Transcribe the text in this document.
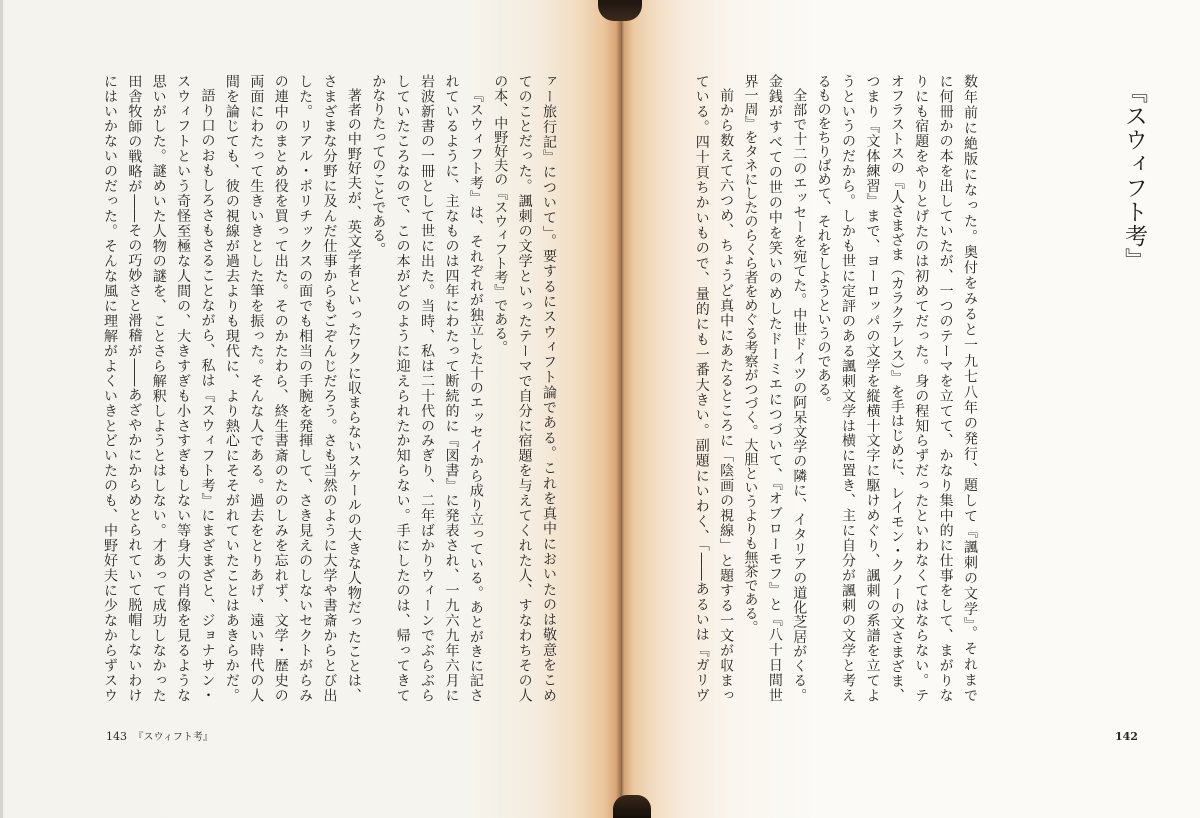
『スウィフト考』
数年前に絶版になった。奥付をみると一九七八年の発行、題して『諷刺の文学』。それまで
に何冊かの本を出していたが、一つのテーマを立てて、かなり集中的に仕事をして、まがりな
りにも宿題をやりとげたのは初めてだった。身の程知らずだったといわなくてはならない。テ
オフラストスの『人さまざま（カラクテレス）』を手はじめに、レイモン・クノーの文さまざま、
つまり『文体練習』まで、ヨーロッパの文学を縦横十文字に駆けめぐり、諷刺の系譜を立てよ
うというのだから。しかも世に定評のある諷刺文学は横に置き、主に自分が諷刺の文学と考え
るものをちりばめて、それをしようというのである。
全部で十二のエッセーを宛てた。中世ドイツの阿呆文学の隣に、イタリアの道化芝居がくる。
金銭がすべての世の中を笑いのめしたドーミエにつづいて、『オブローモフ』と『八十日間世
界一周』をタネにしたのらくら者をめぐる考察がつづく。大胆というよりも無茶である。
前から数えて六つめ、ちょうど真中にあたるところに「陰画の視線」と題する一文が収まっ
ている。四十頁ちかいもので、量的にも一番大きい。副題にいわく、「――あるいは『ガリヴ
142
ァー旅行記』について」。要するにスウィフト論である。これを真中においたのは敬意をこめ
てのことだった。諷刺の文学といったテーマで自分に宿題を与えてくれた人、すなわちその人
の本、中野好夫の『スウィフト考』である。
『スウィフト考』は、それぞれが独立した十のエッセイから成り立っている。あとがきに記さ
れているように、主なものは四年にわたって断続的に『図書』に発表され、一九六九年六月に
岩波新書の一冊として世に出た。当時、私は二十代のみぎり、二年ばかりウィーンでぶらぶら
していたころなので、この本がどのように迎えられたか知らない。手にしたのは、帰ってきて
かなりたってのことである。
著者の中野好夫が、英文学者といったワクに収まらないスケールの大きな人物だったことは、
さまざまな分野に及んだ仕事からもごぞんじだろう。さも当然のように大学や書斎からとび出
した。リアル・ポリチックスの面でも相当の手腕を発揮して、さき見えのしないセクトがらみ
の連中のまとめ役を買って出た。そのかたわら、終生書斎のたのしみを忘れず、文学・歴史の
両面にわたって生きいきとした筆を振った。そんな人である。過去をとりあげ、遠い時代の人
間を論じても、彼の視線が過去よりも現代に、より熱心にそそがれていたことはあきらかだ。
語り口のおもしろさもさることながら、私は『スウィフト考』にまざまざと、ジョナサン・
スウィフトという奇怪至極な人間の、大きすぎも小さすぎもしない等身大の肖像を見るような
思いがした。謎めいた人物の謎を、ことさら解釈しようとはしない。才あって成功しなかった
田舎牧師の戦略が――その巧妙さと滑稽が――あざやかにからめとられていて脱帽しないわけ
にはいかないのだった。そんな風に理解がよくいきとどいたのも、中野好夫に少なからずスウ
143 『スウィフト考』
